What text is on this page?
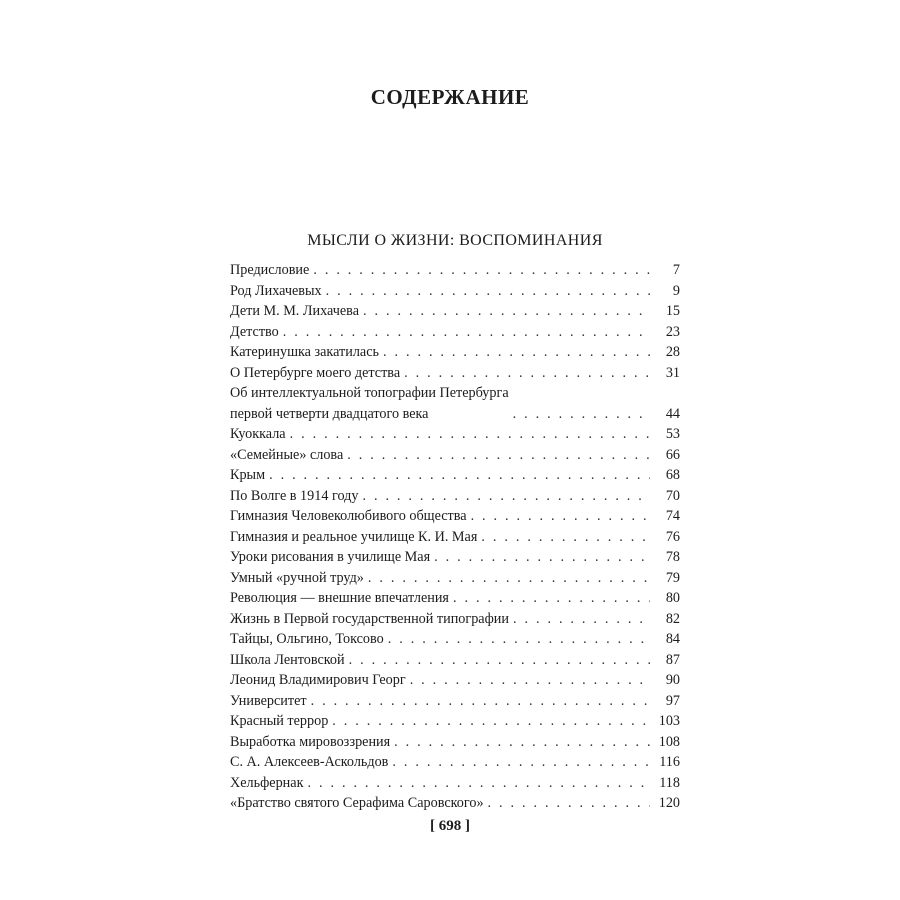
СОДЕРЖАНИЕ
МЫСЛИ О ЖИЗНИ: ВОСПОМИНАНИЯ
Предисловие . . .	7
Род Лихачевых . . .	9
Дети М. М. Лихачева . . .	15
Детство . . .	23
Катеринушка закатилась . . .	28
О Петербурге моего детства . . .	31
Об интеллектуальной топографии Петербурга
первой четверти двадцатого века . . .	44
Куоккала . . .	53
«Семейные» слова . . .	66
Крым . . .	68
По Волге в 1914 году . . .	70
Гимназия Человеколюбивого общества . . .	74
Гимназия и реальное училище К. И. Мая . . .	76
Уроки рисования в училище Мая . . .	78
Умный «ручной труд» . . .	79
Революция — внешние впечатления . . .	80
Жизнь в Первой государственной типографии . . .	82
Тайцы, Ольгино, Токсово . . .	84
Школа Лентовской . . .	87
Леонид Владимирович Георг . . .	90
Университет . . .	97
Красный террор . . .	103
Выработка мировоззрения . . .	108
С. А. Алексеев-Аскольдов . . .	116
Хельфернак . . .	118
«Братство святого Серафима Саровского» . . .	120
[ 698 ]
